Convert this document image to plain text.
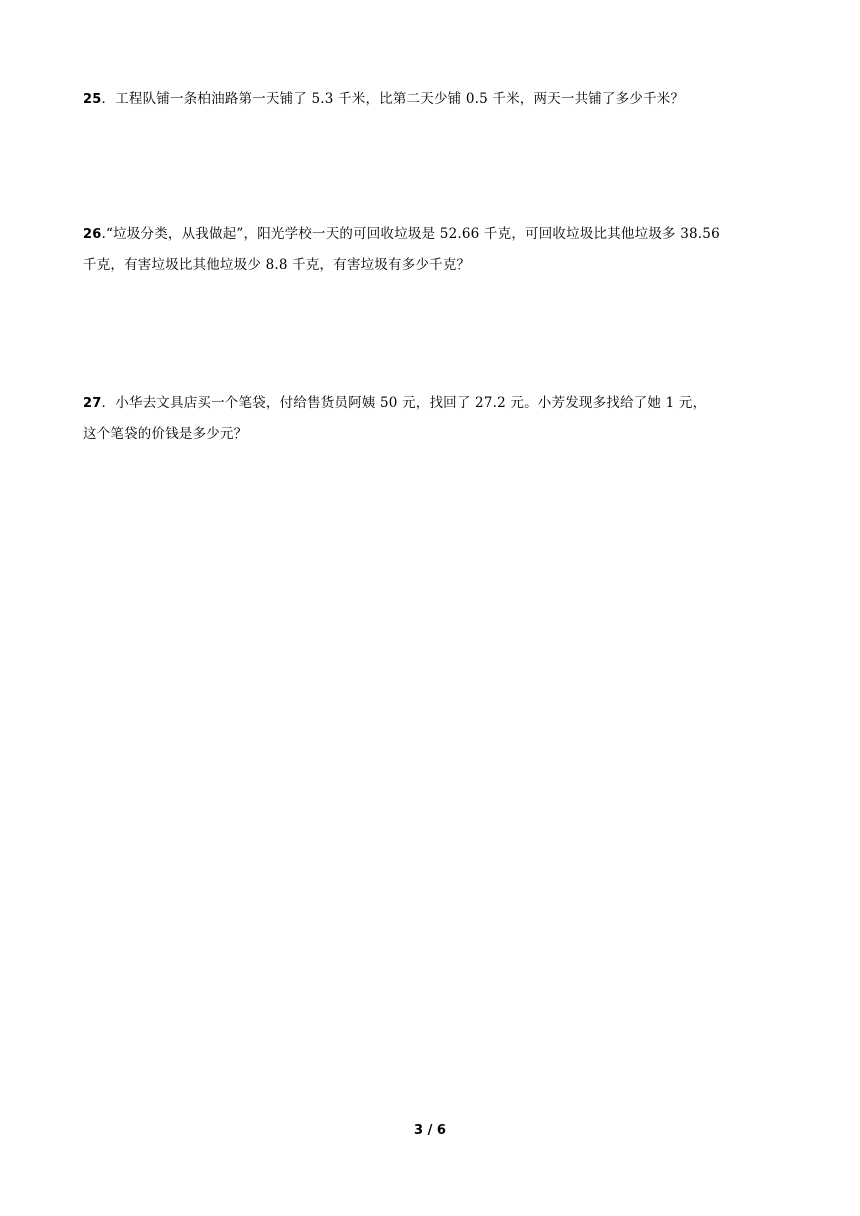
25．工程队铺一条柏油路第一天铺了 5.3 千米，比第二天少铺 0.5 千米，两天一共铺了多少千米？
26.“垃圾分类，从我做起”，阳光学校一天的可回收垃圾是 52.66 千克，可回收垃圾比其他垃圾多 38.56
千克，有害垃圾比其他垃圾少 8.8 千克，有害垃圾有多少千克？
27．小华去文具店买一个笔袋，付给售货员阿姨 50 元，找回了 27.2 元。小芳发现多找给了她 1 元，
这个笔袋的价钱是多少元？
3 / 6
